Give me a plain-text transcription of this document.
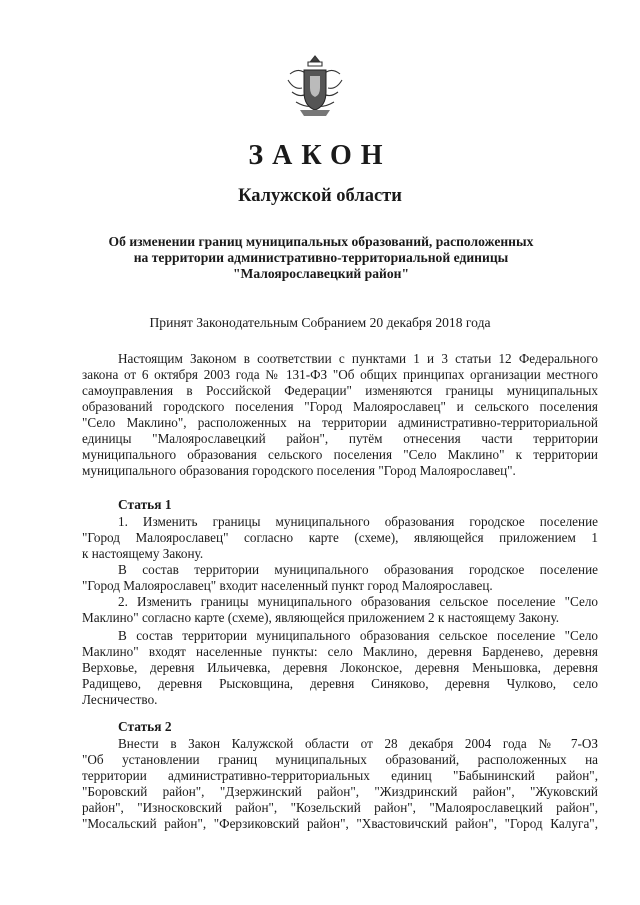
ЗАКОН
Калужской области
Об изменении границ муниципальных образований, расположенных
на территории административно-территориальной единицы
"Малоярославецкий район"
Принят Законодательным Собранием 20 декабря 2018 года
Настоящим Законом в соответствии с пунктами 1 и 3 статьи 12 Федерального
закона от 6 октября 2003 года № 131-ФЗ "Об общих принципах организации местного
самоуправления в Российской Федерации" изменяются границы муниципальных
образований городского поселения "Город Малоярославец" и сельского поселения
"Село Маклино", расположенных на территории административно-территориальной
единицы "Малоярославецкий район", путём отнесения части территории
муниципального образования сельского поселения "Село Маклино" к территории
муниципального образования городского поселения "Город Малоярославец".
Статья 1
1. Изменить границы муниципального образования городское поселение
"Город Малоярославец" согласно карте (схеме), являющейся приложением 1
к настоящему Закону.
В состав территории муниципального образования городское поселение
"Город Малоярославец" входит населенный пункт город Малоярославец.
2. Изменить границы муниципального образования сельское поселение "Село
Маклино" согласно карте (схеме), являющейся приложением 2 к настоящему Закону.
В состав территории муниципального образования сельское поселение "Село
Маклино" входят населенные пункты: село Маклино, деревня Барденево, деревня
Верховье, деревня Ильичевка, деревня Локонское, деревня Меньшовка, деревня
Радищево, деревня Рысковщина, деревня Синяково, деревня Чулково, село
Лесничество.
Статья 2
Внести в Закон Калужской области от 28 декабря 2004 года № 7-ОЗ
"Об установлении границ муниципальных образований, расположенных на
территории административно-территориальных единиц "Бабынинский район",
"Боровский район", "Дзержинский район", "Жиздринский район", "Жуковский
район", "Износковский район", "Козельский район", "Малоярославецкий район",
"Мосальский район", "Ферзиковский район", "Хвастовичский район", "Город Калуга",
